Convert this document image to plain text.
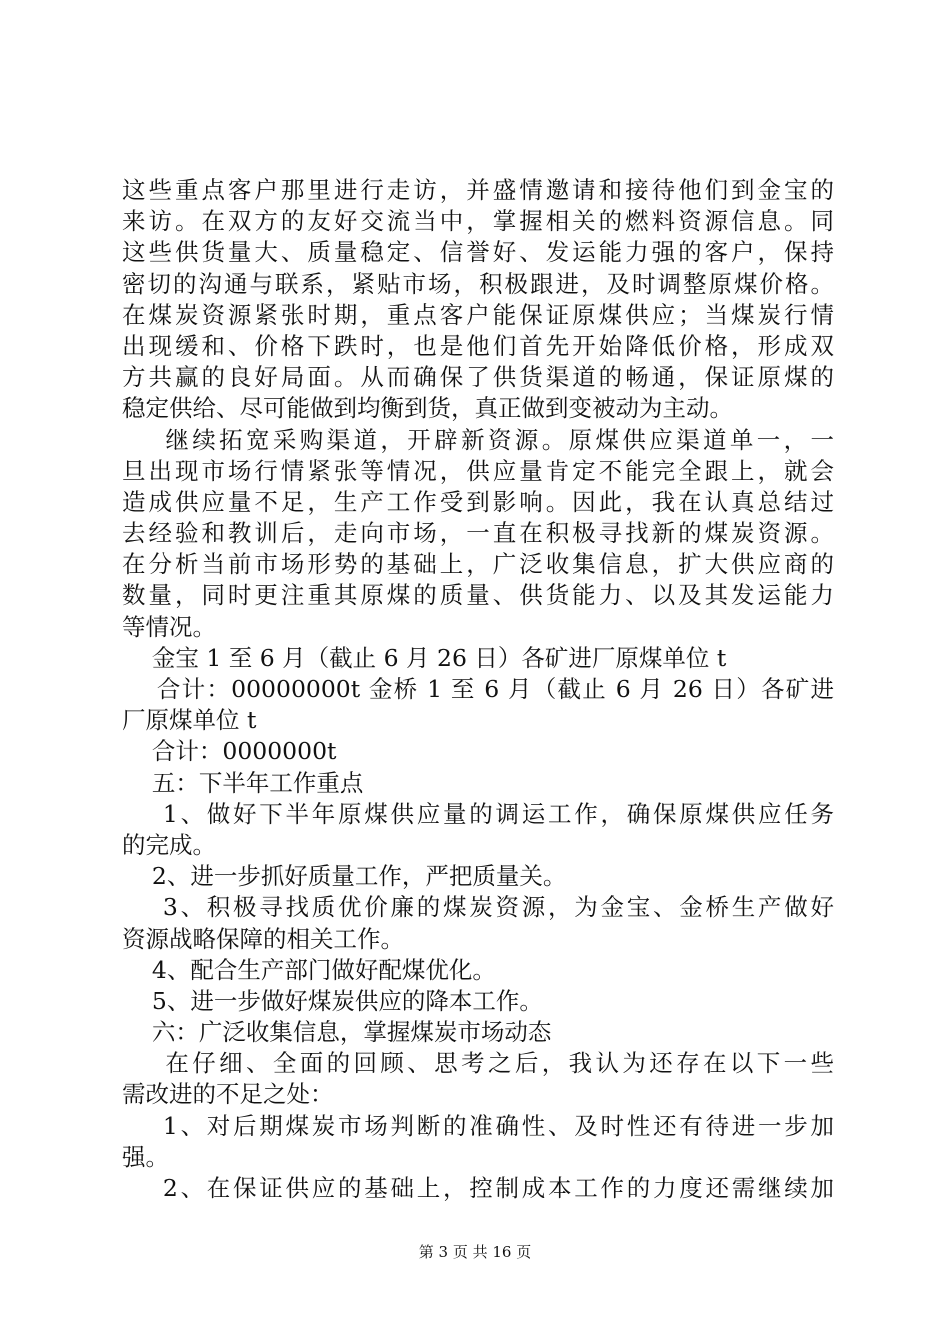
这些重点客户那里进行走访，并盛情邀请和接待他们到金宝的
来访。在双方的友好交流当中，掌握相关的燃料资源信息。同
这些供货量大、质量稳定、信誉好、发运能力强的客户，保持
密切的沟通与联系，紧贴市场，积极跟进，及时调整原煤价格。
在煤炭资源紧张时期，重点客户能保证原煤供应；当煤炭行情
出现缓和、价格下跌时，也是他们首先开始降低价格，形成双
方共赢的良好局面。从而确保了供货渠道的畅通，保证原煤的
稳定供给、尽可能做到均衡到货，真正做到变被动为主动。
继续拓宽采购渠道，开辟新资源。原煤供应渠道单一，一
旦出现市场行情紧张等情况，供应量肯定不能完全跟上，就会
造成供应量不足，生产工作受到影响。因此，我在认真总结过
去经验和教训后，走向市场，一直在积极寻找新的煤炭资源。
在分析当前市场形势的基础上，广泛收集信息，扩大供应商的
数量，同时更注重其原煤的质量、供货能力、以及其发运能力
等情况。
金宝 1 至 6 月（截止 6 月 26 日）各矿进厂原煤单位 t
合计：00000000t 金桥 1 至 6 月（截止 6 月 26 日）各矿进
厂原煤单位 t
合计：0000000t
五：下半年工作重点
1、做好下半年原煤供应量的调运工作，确保原煤供应任务
的完成。
2、进一步抓好质量工作，严把质量关。
3、积极寻找质优价廉的煤炭资源，为金宝、金桥生产做好
资源战略保障的相关工作。
4、配合生产部门做好配煤优化。
5、进一步做好煤炭供应的降本工作。
六：广泛收集信息，掌握煤炭市场动态
在仔细、全面的回顾、思考之后，我认为还存在以下一些
需改进的不足之处：
1、对后期煤炭市场判断的准确性、及时性还有待进一步加
强。
2、在保证供应的基础上，控制成本工作的力度还需继续加
第 3 页 共 16 页
